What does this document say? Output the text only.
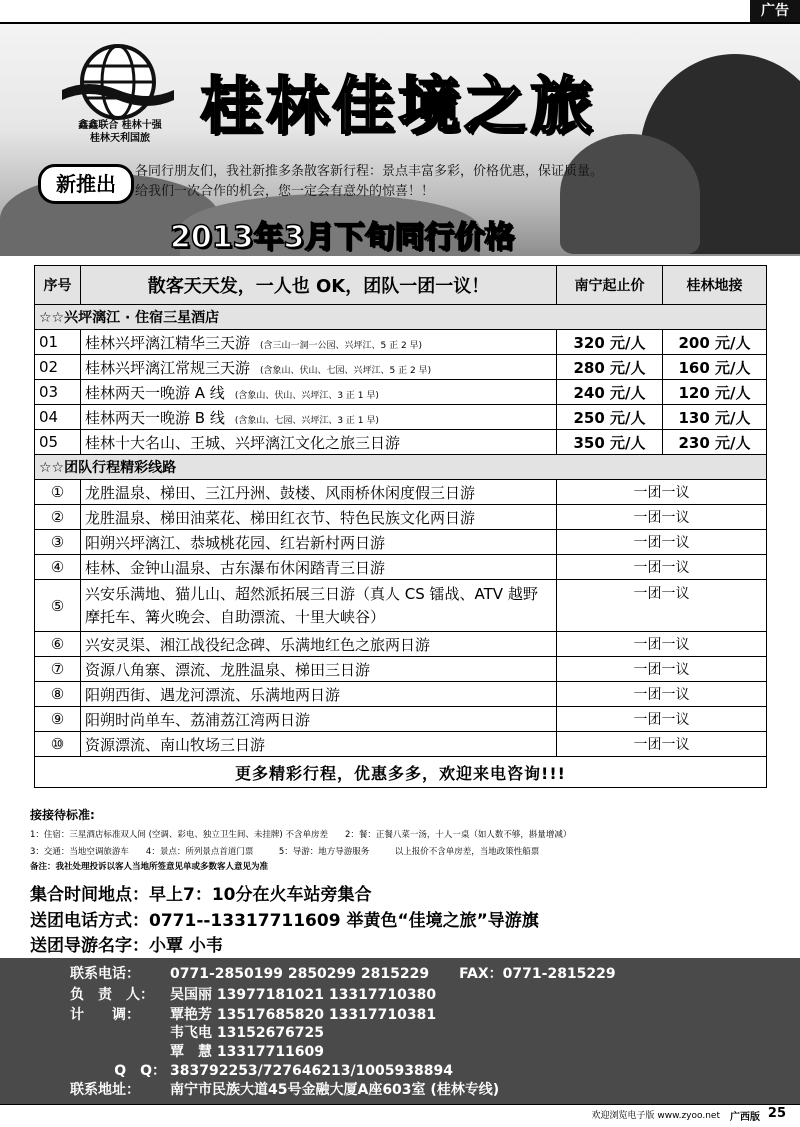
广告
鑫鑫联合 桂林十强
桂林天利国旅 桂林佳境之旅
新推出
各同行朋友们，我社新推多条散客新行程：景点丰富多彩，价格优惠，保证质量。
给我们一次合作的机会，您一定会有意外的惊喜！！
2013年3月下旬同行价格
序号	散客天天发，一人也 OK，团队一团一议！	南宁起止价	桂林地接
☆☆兴坪漓江 · 住宿三星酒店			
01	桂林兴坪漓江精华三天游 (含三山一洞一公园、兴坪江、5 正 2 早)	320 元/人	200 元/人
02	桂林兴坪漓江常规三天游 (含象山、伏山、七园、兴坪江、5 正 2 早)	280 元/人	160 元/人
03	桂林两天一晚游 A 线 (含象山、伏山、兴坪江、3 正 1 早)	240 元/人	120 元/人
04	桂林两天一晚游 B 线 (含象山、七园、兴坪江、3 正 1 早)	250 元/人	130 元/人
05	桂林十大名山、王城、兴坪漓江文化之旅三日游	350 元/人	230 元/人
☆☆团队行程精彩线路			
①	龙胜温泉、梯田、三江丹洲、鼓楼、风雨桥休闲度假三日游	一团一议	
②	龙胜温泉、梯田油菜花、梯田红衣节、特色民族文化两日游	一团一议	
③	阳朔兴坪漓江、恭城桃花园、红岩新村两日游	一团一议	
④	桂林、金钟山温泉、古东瀑布休闲踏青三日游	一团一议	
⑤	兴安乐满地、猫儿山、超然派拓展三日游（真人 CS 镭战、ATV 越野摩托车、篝火晚会、自助漂流、十里大峡谷）	一团一议	
⑥	兴安灵渠、湘江战役纪念碑、乐满地红色之旅两日游	一团一议	
⑦	资源八角寨、漂流、龙胜温泉、梯田三日游	一团一议	
⑧	阳朔西街、遇龙河漂流、乐满地两日游	一团一议	
⑨	阳朔时尚单车、荔浦荔江湾两日游	一团一议	
⑩	资源漂流、南山牧场三日游	一团一议	
更多精彩行程，优惠多多，欢迎来电咨询!!!			
接接待标准:
1：住宿：三星酒店标准双人间 (空调、彩电、独立卫生间、未挂牌) 不含单房差　　2：餐：正餐八菜一汤，十人一桌（如人数不够，斟量增减）
3：交通：当地空调旅游车　　4：景点：所列景点首道门票　　　5：导游：地方导游服务　　　以上报价不含单房差，当地政策性船票
备注：我社处理投诉以客人当地所签意见单或多数客人意见为准
集合时间地点：早上7：10分在火车站旁集合
送团电话方式：0771--13317711609 举黄色“佳境之旅”导游旗
送团导游名字：小覃 小韦
联系电话： 0771-2850199 2850299 2815229 FAX：0771-2815229
负　责　人： 吴国丽 13977181021 13317710380
计　　调： 覃艳芳 13517685820 13317710381
韦飞电 13152676725
覃　慧 13317711609
Q　Q： 383792253/727646213/1005938894
联系地址： 南宁市民族大道45号金融大厦A座603室 (桂林专线)
欢迎浏览电子版 www.zyoo.net 广西版 25
